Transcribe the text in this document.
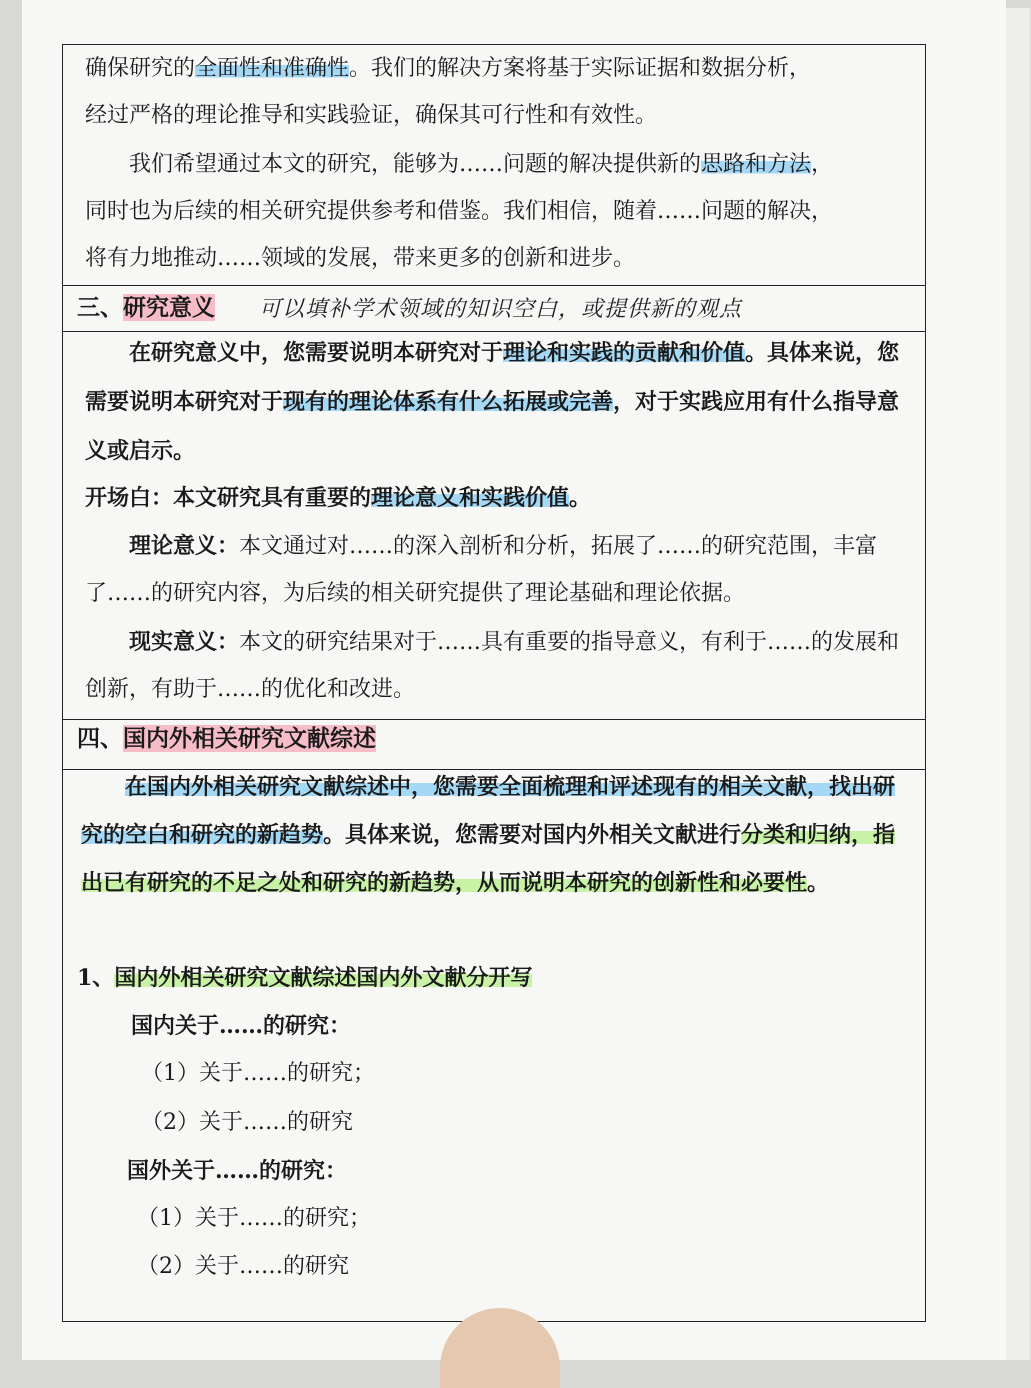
确保研究的全面性和准确性。我们的解决方案将基于实际证据和数据分析，

经过严格的理论推导和实践验证，确保其可行性和有效性。

我们希望通过本文的研究，能够为……问题的解决提供新的思路和方法，
同时也为后续的相关研究提供参考和借鉴。我们相信，随着……问题的解决，
将有力地推动……领域的发展，带来更多的创新和进步。

三、研究意义 可以填补学术领域的知识空白，或提供新的观点

在研究意义中，您需要说明本研究对于理论和实践的贡献和价值。具体来说，您需要说明本研究对于现有的理论体系有什么拓展或完善，对于实践应用有什么指导意义或启示。

开场白：本文研究具有重要的理论意义和实践价值。

理论意义：本文通过对……的深入剖析和分析，拓展了……的研究范围，丰富了……的研究内容，为后续的相关研究提供了理论基础和理论依据。

现实意义：本文的研究结果对于……具有重要的指导意义，有利于……的发展和创新，有助于……的优化和改进。

四、国内外相关研究文献综述

在国内外相关研究文献综述中，您需要全面梳理和评述现有的相关文献，找出研究的空白和研究的新趋势。具体来说，您需要对国内外相关文献进行分类和归纳，指出已有研究的不足之处和研究的新趋势，从而说明本研究的创新性和必要性。

1、国内外相关研究文献综述国内外文献分开写

国内关于……的研究：

（1）关于……的研究；

（2）关于……的研究

国外关于……的研究：

（1）关于……的研究；

（2）关于……的研究
